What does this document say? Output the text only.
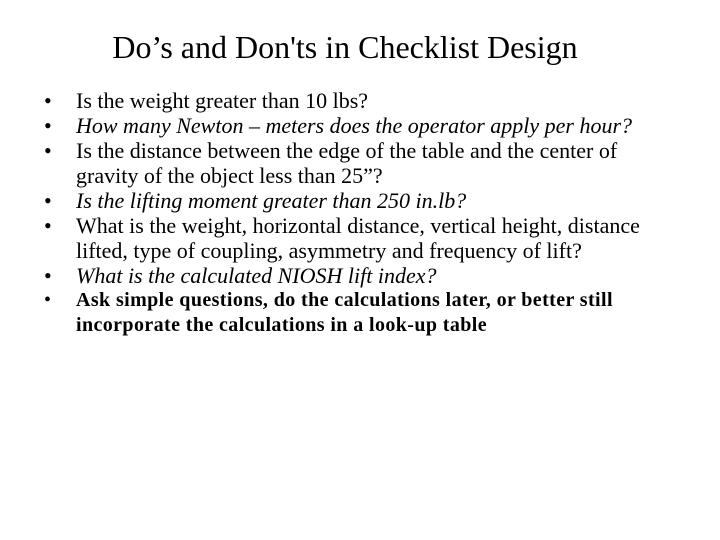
Do’s and Don'ts in Checklist Design
•	Is the weight greater than 10 lbs?
•	How many Newton – meters does the operator apply per hour?
•	Is the distance between the edge of the table and the center of gravity of the object less than 25”?
•	Is the lifting moment greater than 250 in.lb?
•	What is the weight, horizontal distance, vertical height, distance lifted, type of coupling, asymmetry and frequency of lift?
•	What is the calculated NIOSH lift index?
•	Ask simple questions, do the calculations later, or better still incorporate the calculations in a look-up table
